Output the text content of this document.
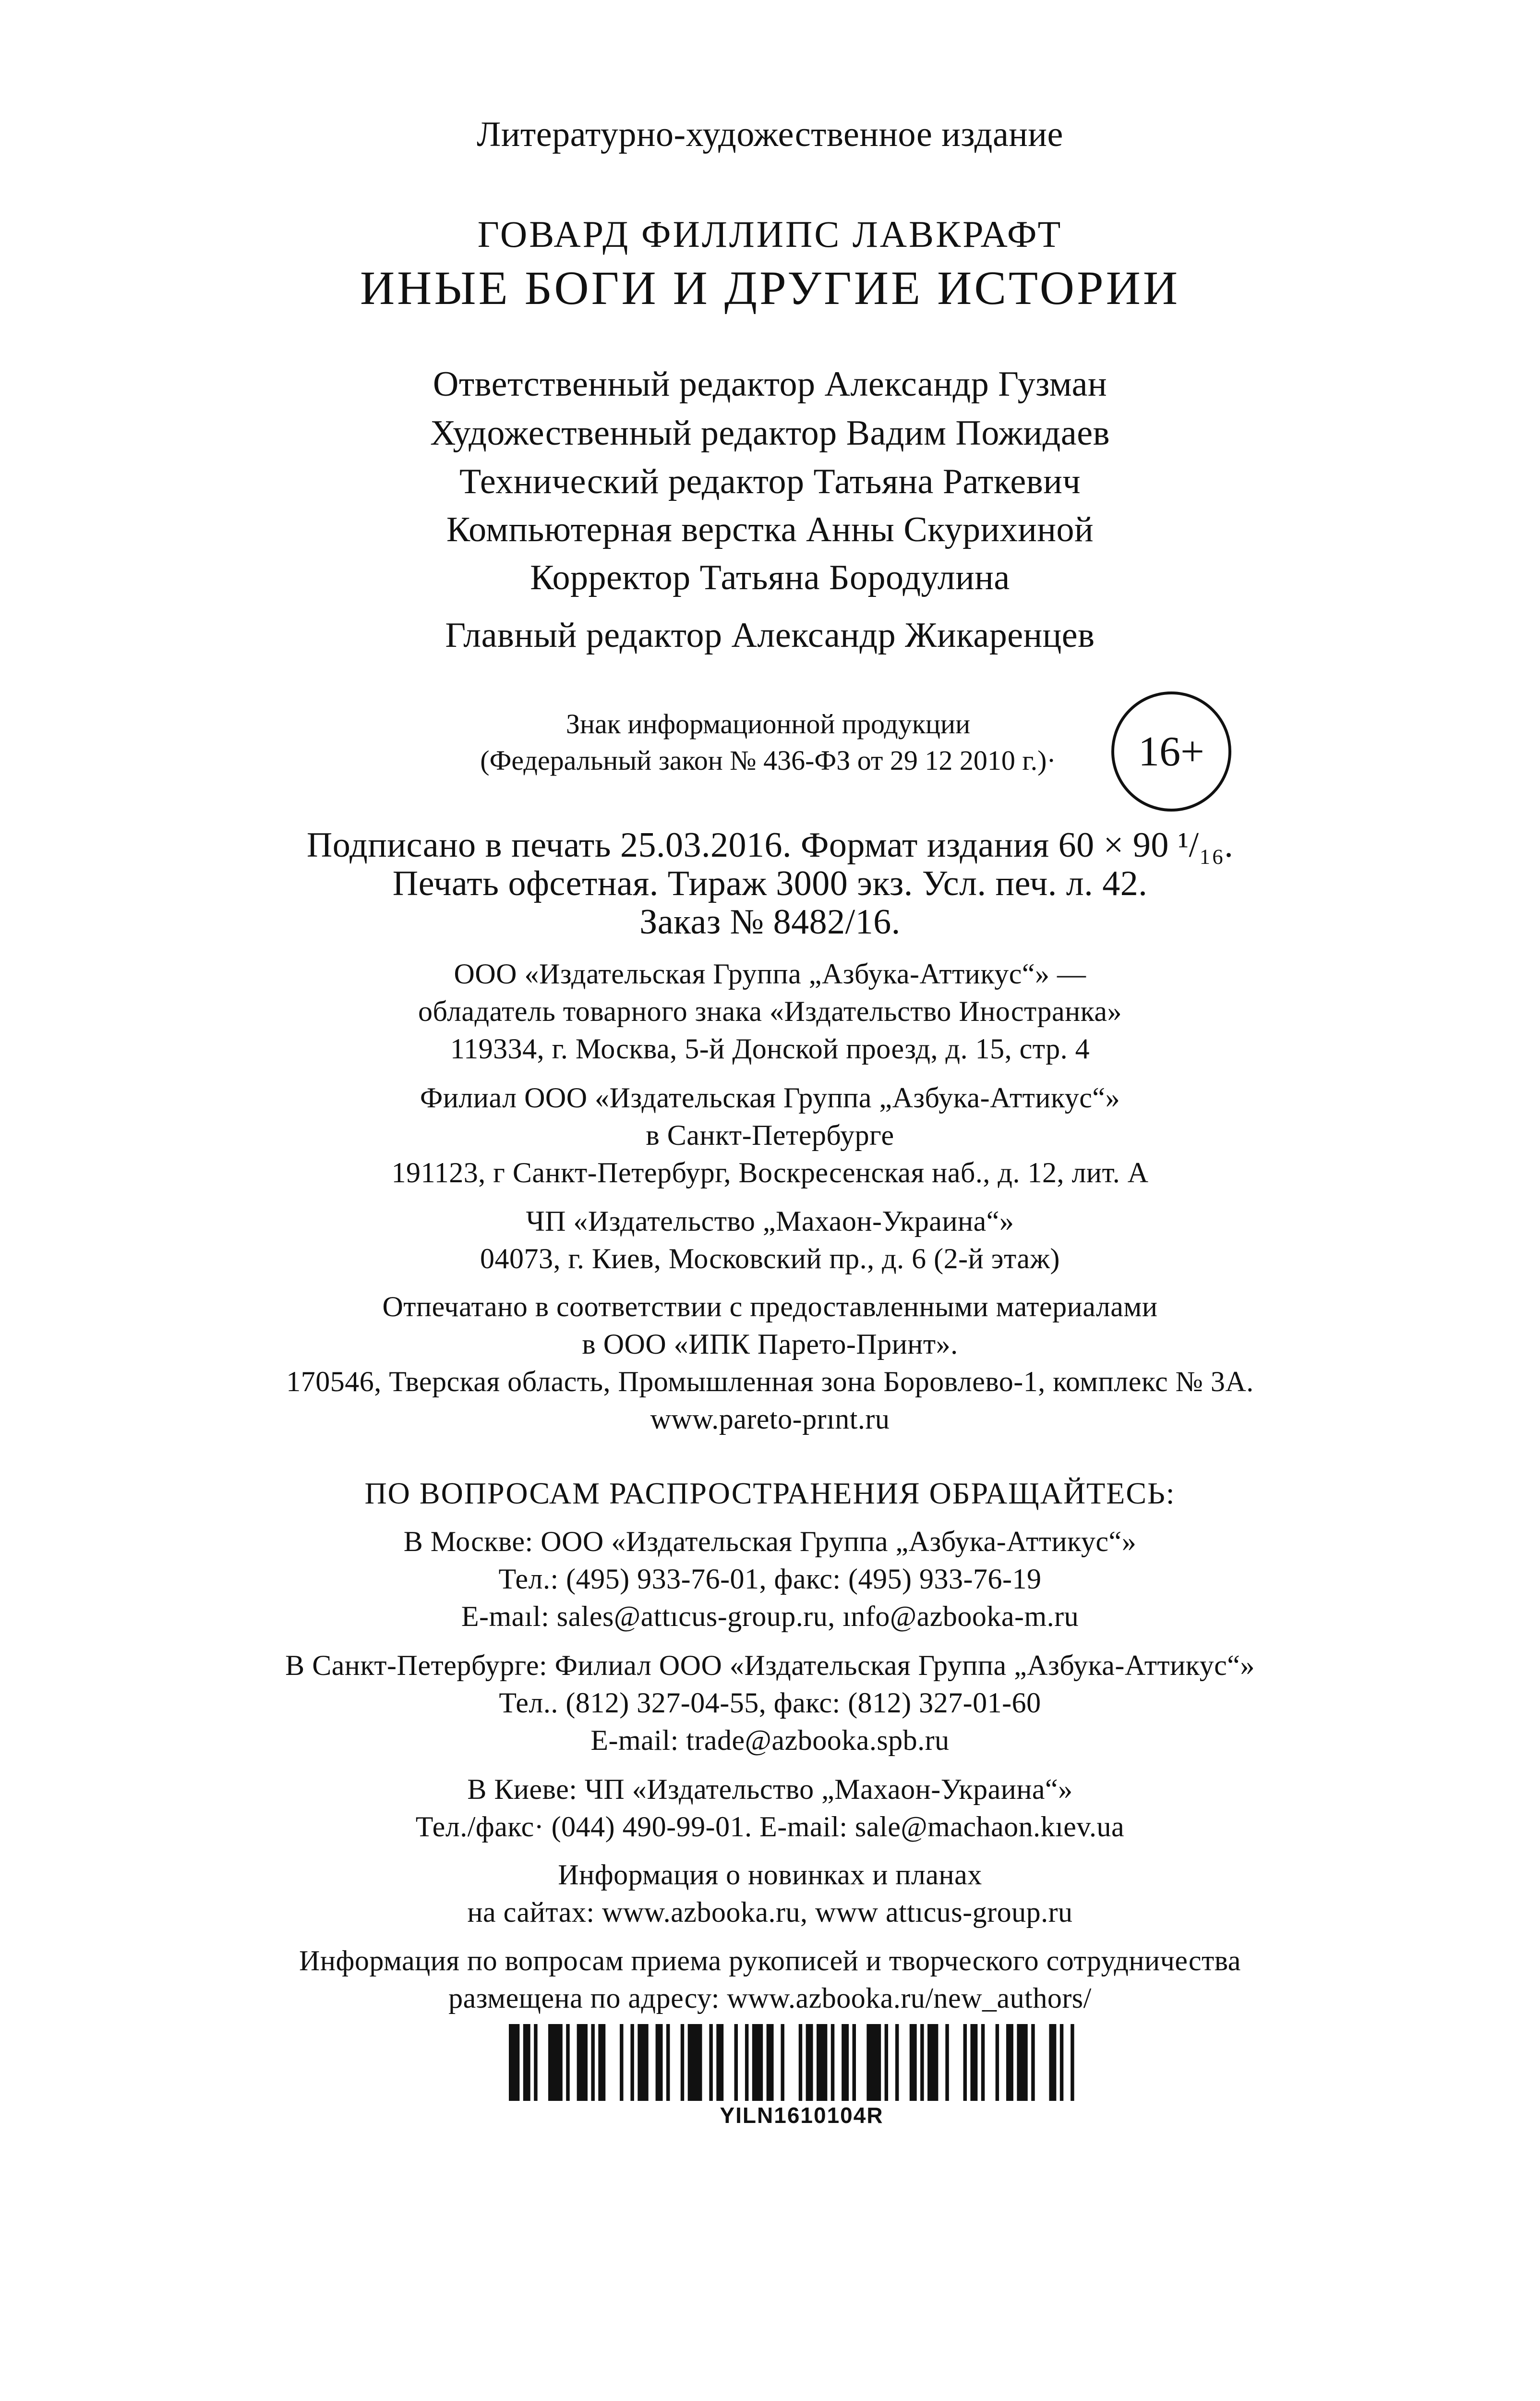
Литературно-художественное издание
ГОВАРД ФИЛЛИПС ЛАВКРАФТ
ИНЫЕ БОГИ И ДРУГИЕ ИСТОРИИ
Ответственный редактор Александр Гузман
Художественный редактор Вадим Пожидаев
Технический редактор Татьяна Раткевич
Компьютерная верстка Анны Скурихиной
Корректор Татьяна Бородулина
Главный редактор Александр Жикаренцев
Знак информационной продукции
(Федеральный закон № 436-ФЗ от 29 12 2010 г.)·	16+
Подписано в печать 25.03.2016. Формат издания 60 × 90 ¹/₁₆.
Печать офсетная. Тираж 3000 экз. Усл. печ. л. 42.
Заказ № 8482/16.
ООО «Издательская Группа „Азбука-Аттикус“» —
обладатель товарного знака «Издательство Иностранка»
119334, г. Москва, 5-й Донской проезд, д. 15, стр. 4
Филиал ООО «Издательская Группа „Азбука-Аттикус“»
в Санкт-Петербурге
191123, г Санкт-Петербург, Воскресенская наб., д. 12, лит. А
ЧП «Издательство „Махаон-Украина“»
04073, г. Киев, Московский пр., д. 6 (2-й этаж)
Отпечатано в соответствии с предоставленными материалами
в ООО «ИПК Парето-Принт».
170546, Тверская область, Промышленная зона Боровлево-1, комплекс № 3А.
www.pareto-prınt.ru
ПО ВОПРОСАМ РАСПРОСТРАНЕНИЯ ОБРАЩАЙТЕСЬ:
В Москве: ООО «Издательская Группа „Азбука-Аттикус“»
Тел.: (495) 933-76-01, факс: (495) 933-76-19
E-maıl: sales@attıcus-group.ru, ınfo@azbooka-m.ru
В Санкт-Петербурге: Филиал ООО «Издательская Группа „Азбука-Аттикус“»
Тел.. (812) 327-04-55, факс: (812) 327-01-60
E-mail: trade@azbooka.spb.ru
В Киеве: ЧП «Издательство „Махаон-Украина“»
Тел./факс· (044) 490-99-01. E-mail: sale@machaon.kıev.ua
Информация о новинках и планах
на сайтах: www.azbooka.ru, www attıcus-group.ru
Информация по вопросам приема рукописей и творческого сотрудничества
размещена по адресу: www.azbooka.ru/new_authors/
YILN1610104R
